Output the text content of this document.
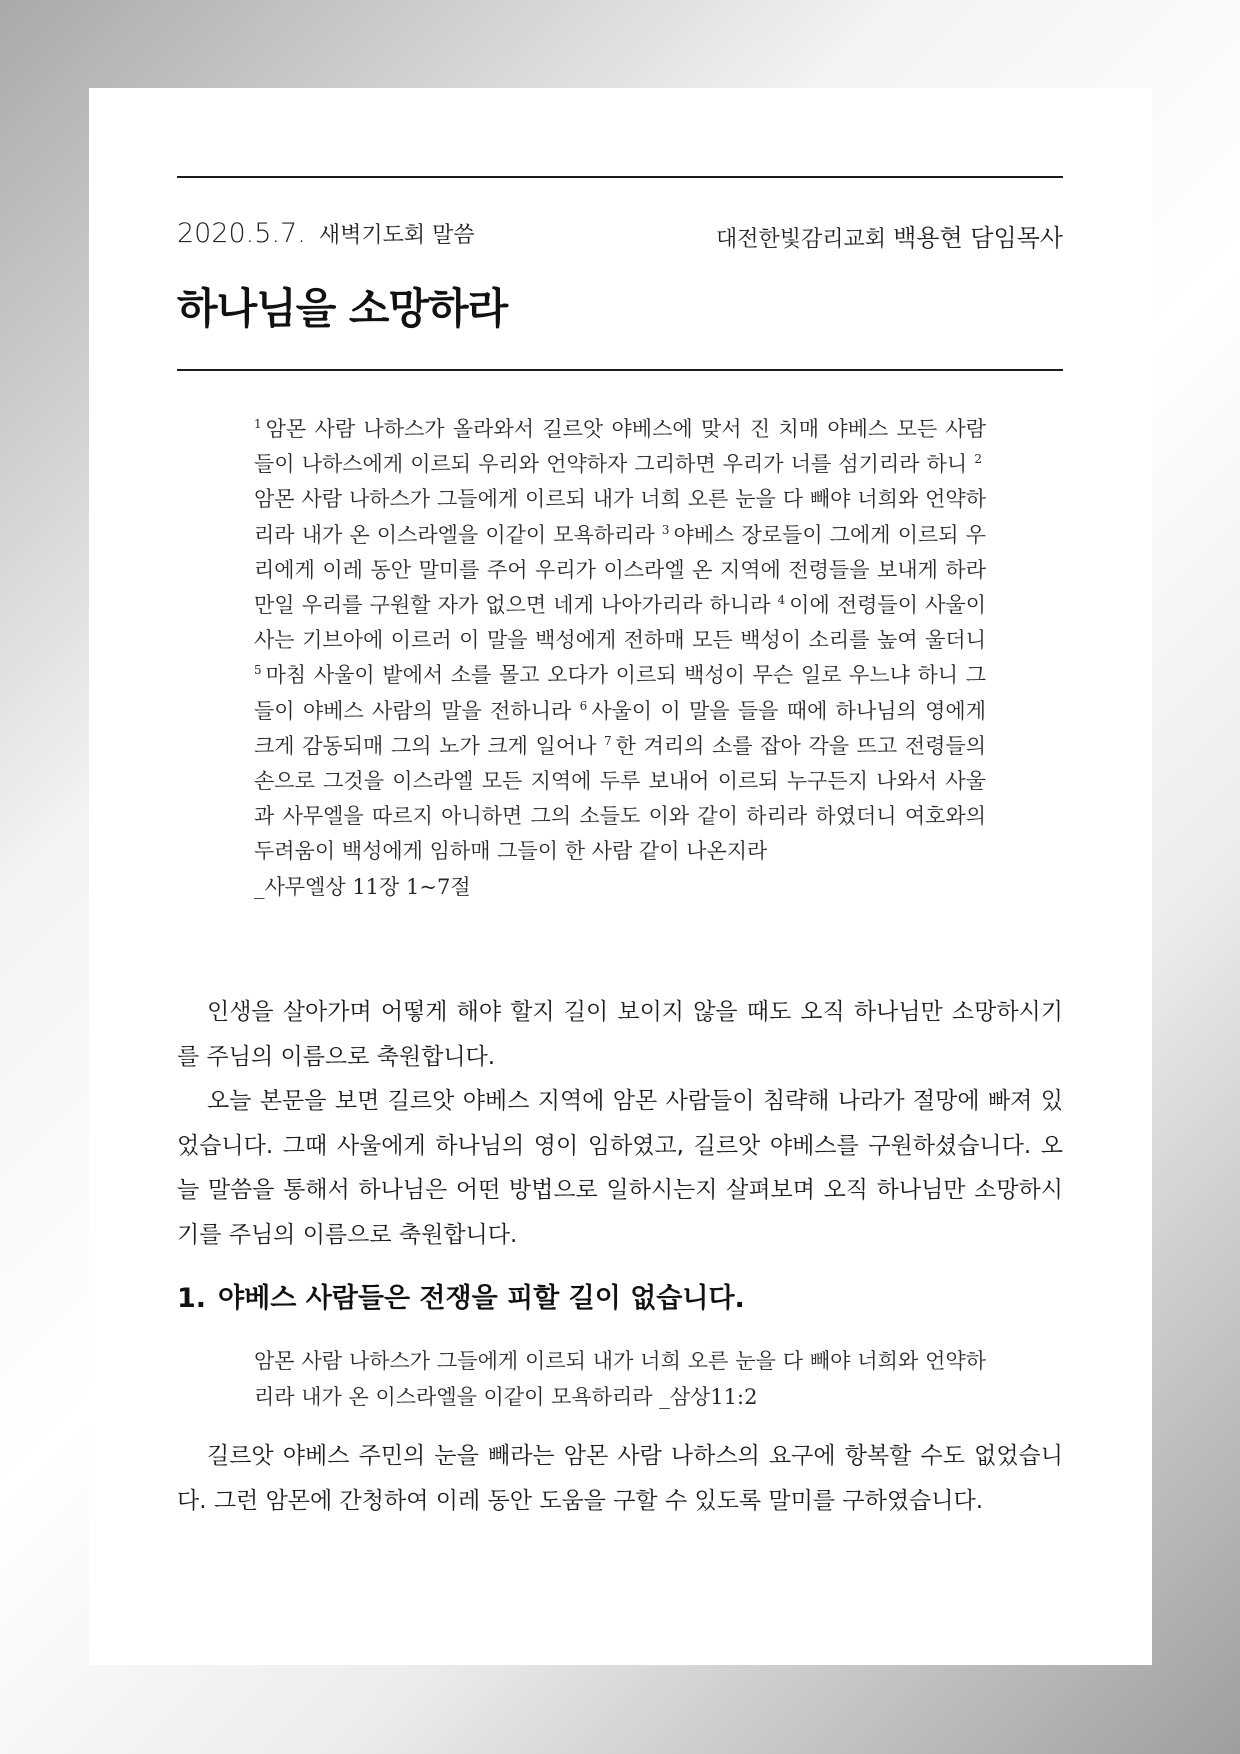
2020.5.7. 새벽기도회 말씀	대전한빛감리교회 백용현 담임목사
하나님을 소망하라

$^1$ 암몬 사람 나하스가 올라와서 길르앗 야베스에 맞서 진 치매 야베스 모든 사람들이 나하스에게 이르되 우리와 언약하자 그리하면 우리가 너를 섬기리라 하니 $^2$암몬 사람 나하스가 그들에게 이르되 내가 너희 오른 눈을 다 빼야 너희와 언약하리라 내가 온 이스라엘을 이같이 모욕하리라 $^3$ 야베스 장로들이 그에게 이르되 우리에게 이레 동안 말미를 주어 우리가 이스라엘 온 지역에 전령들을 보내게 하라 만일 우리를 구원할 자가 없으면 네게 나아가리라 하니라 $^4$ 이에 전령들이 사울이 사는 기브아에 이르러 이 말을 백성에게 전하매 모든 백성이 소리를 높여 울더니 $^5$ 마침 사울이 밭에서 소를 몰고 오다가 이르되 백성이 무슨 일로 우느냐 하니 그들이 야베스 사람의 말을 전하니라 $^6$ 사울이 이 말을 들을 때에 하나님의 영에게 크게 감동되매 그의 노가 크게 일어나 $^7$ 한 겨리의 소를 잡아 각을 뜨고 전령들의 손으로 그것을 이스라엘 모든 지역에 두루 보내어 이르되 누구든지 나와서 사울과 사무엘을 따르지 아니하면 그의 소들도 이와 같이 하리라 하였더니 여호와의 두려움이 백성에게 임하매 그들이 한 사람 같이 나온지라

_사무엘상 11장 1~7절

인생을 살아가며 어떻게 해야 할지 길이 보이지 않을 때도 오직 하나님만 소망하시기를 주님의 이름으로 축원합니다.

오늘 본문을 보면 길르앗 야베스 지역에 암몬 사람들이 침략해 나라가 절망에 빠져 있었습니다. 그때 사울에게 하나님의 영이 임하였고, 길르앗 야베스를 구원하셨습니다. 오늘 말씀을 통해서 하나님은 어떤 방법으로 일하시는지 살펴보며 오직 하나님만 소망하시기를 주님의 이름으로 축원합니다.

1. 야베스 사람들은 전쟁을 피할 길이 없습니다.

암몬 사람 나하스가 그들에게 이르되 내가 너희 오른 눈을 다 빼야 너희와 언약하리라 내가 온 이스라엘을 이같이 모욕하리라 _삼상11:2

길르앗 야베스 주민의 눈을 빼라는 암몬 사람 나하스의 요구에 항복할 수도 없었습니다. 그런 암몬에 간청하여 이레 동안 도움을 구할 수 있도록 말미를 구하였습니다.
